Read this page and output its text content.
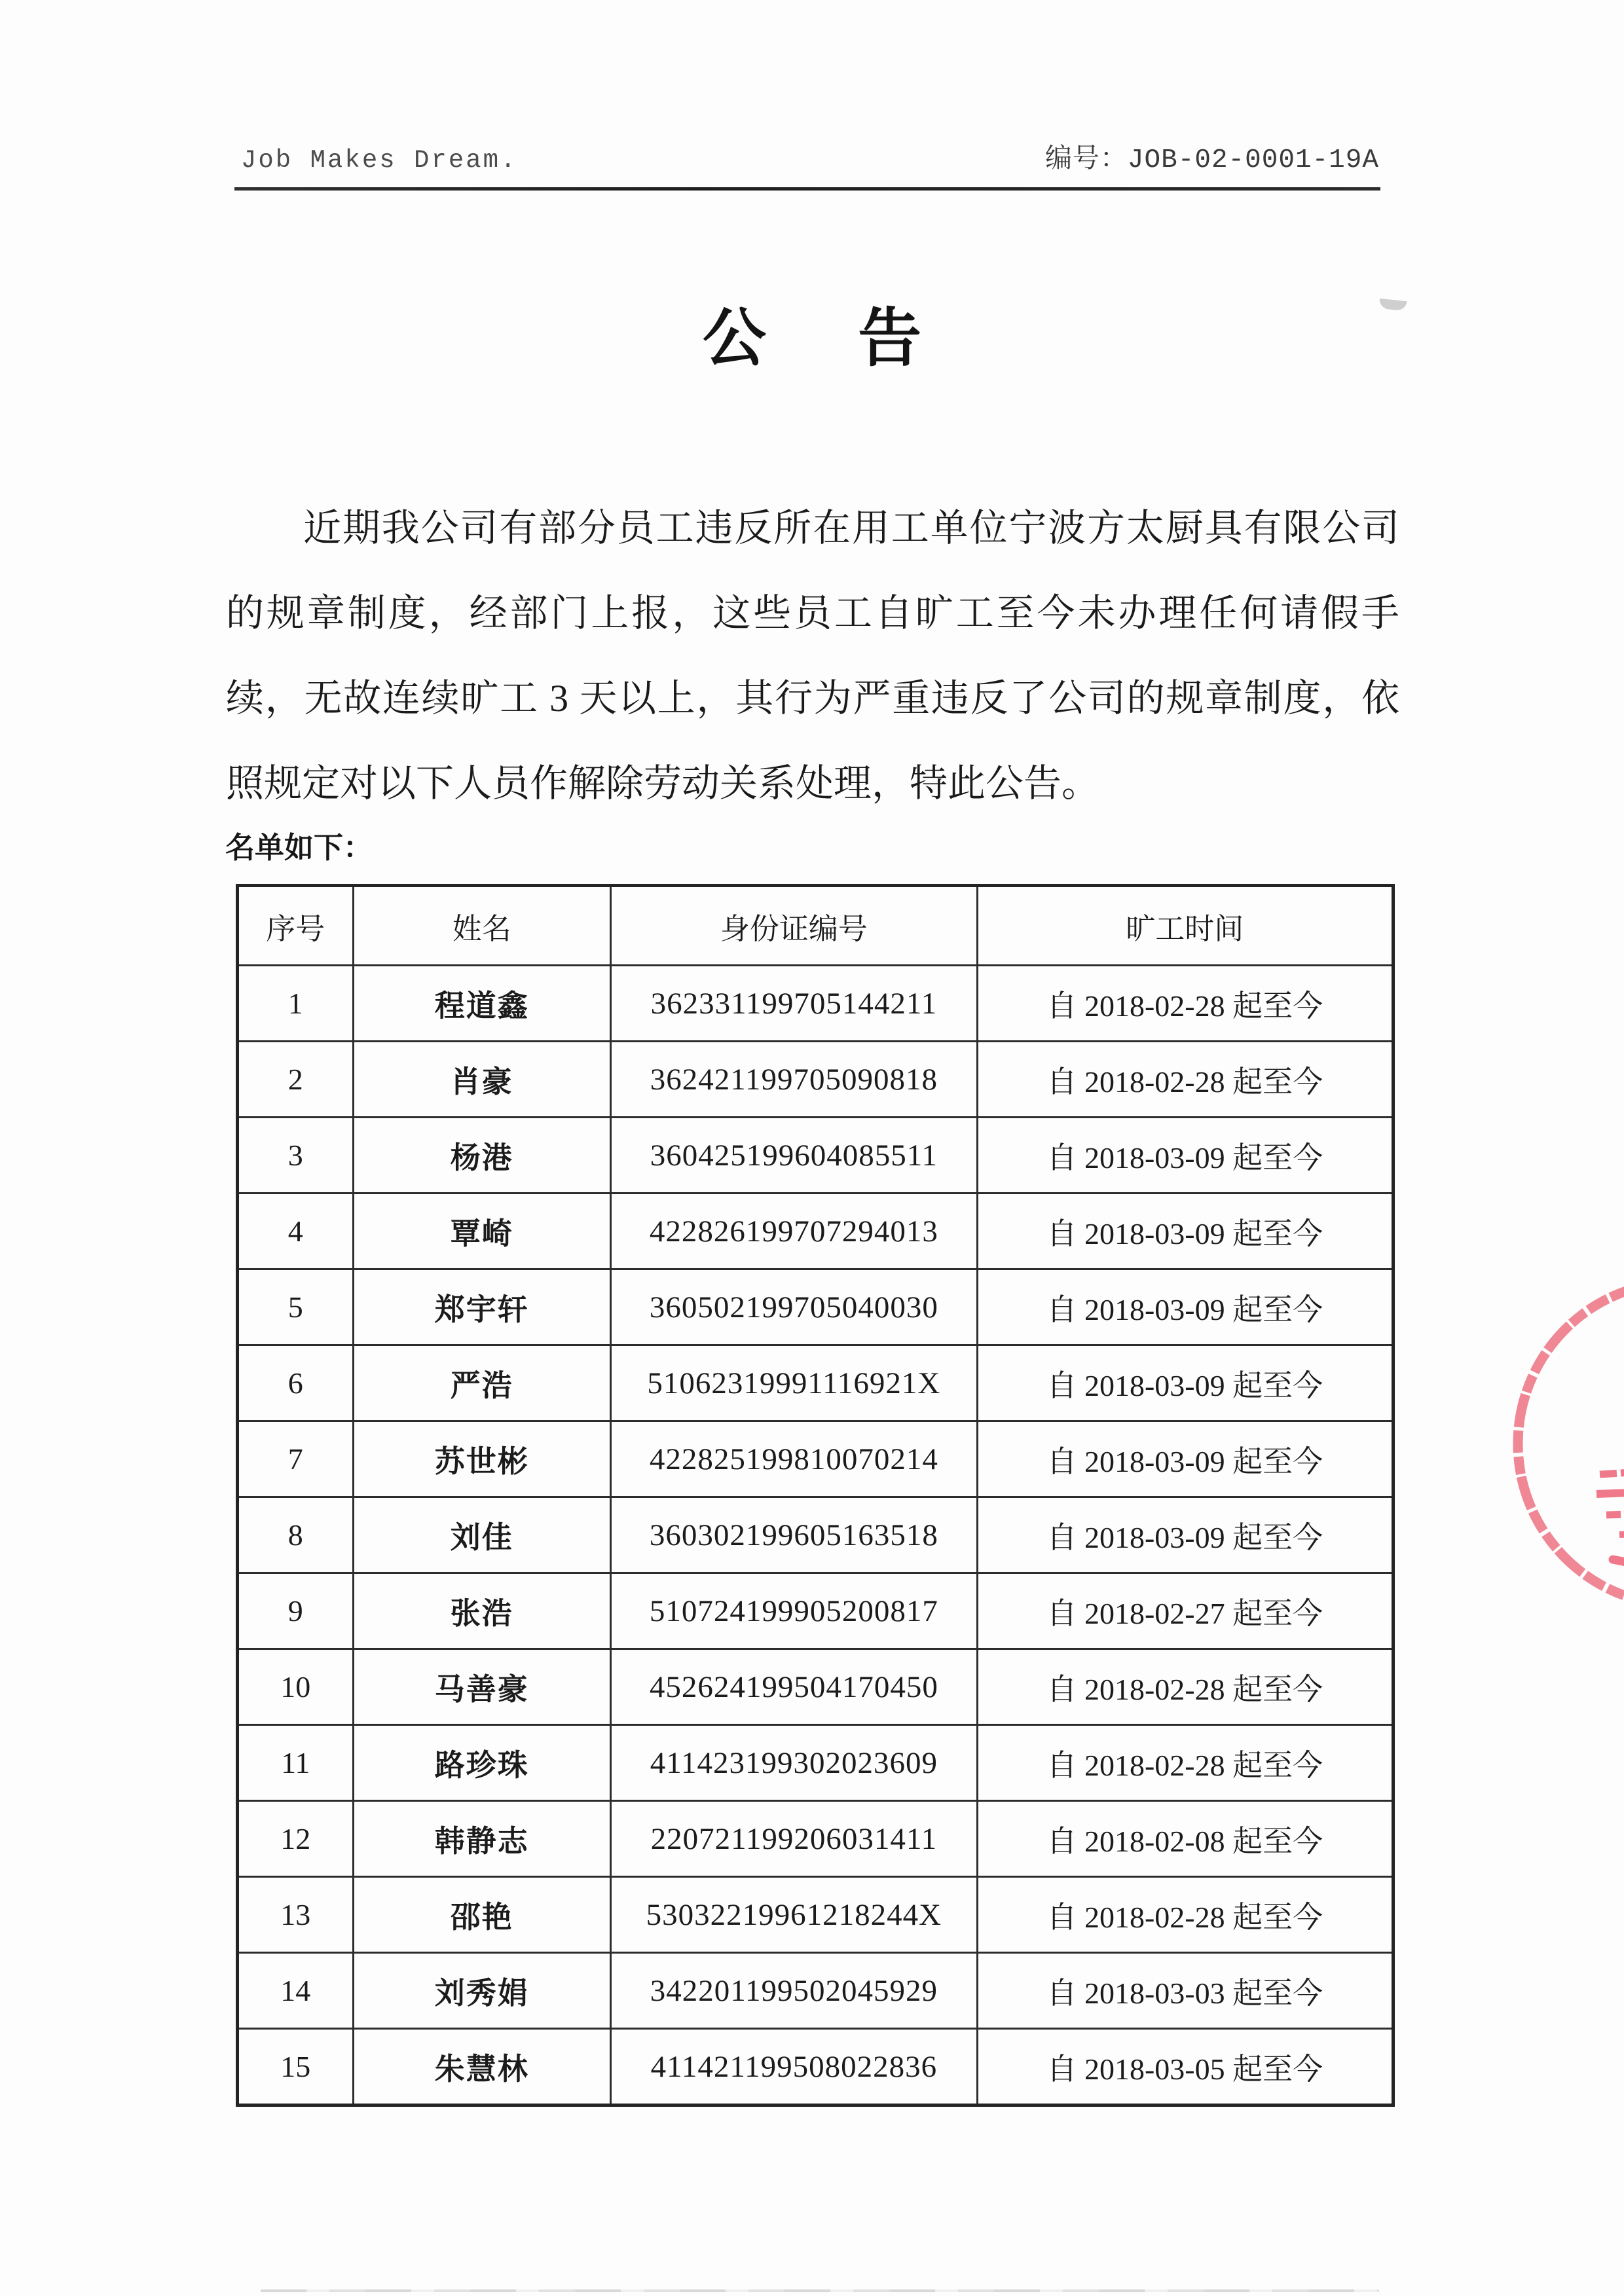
Job Makes Dream.	编号：JOB-02-0001-19A
公 告
近期我公司有部分员工违反所在用工单位宁波方太厨具有限公司的规章制度，经部门上报，这些员工自旷工至今未办理任何请假手续，无故连续旷工 3 天以上，其行为严重违反了公司的规章制度，依照规定对以下人员作解除劳动关系处理，特此公告。
名单如下：
序号	姓名	身份证编号	旷工时间
1	程道鑫	362331199705144211	自 2018-02-28 起至今
2	肖豪	362421199705090818	自 2018-02-28 起至今
3	杨港	360425199604085511	自 2018-03-09 起至今
4	覃崎	422826199707294013	自 2018-03-09 起至今
5	郑宇轩	360502199705040030	自 2018-03-09 起至今
6	严浩	51062319991116921X	自 2018-03-09 起至今
7	苏世彬	422825199810070214	自 2018-03-09 起至今
8	刘佳	360302199605163518	自 2018-03-09 起至今
9	张浩	510724199905200817	自 2018-02-27 起至今
10	马善豪	452624199504170450	自 2018-02-28 起至今
11	路珍珠	411423199302023609	自 2018-02-28 起至今
12	韩静志	220721199206031411	自 2018-02-08 起至今
13	邵艳	53032219961218244X	自 2018-02-28 起至今
14	刘秀娟	342201199502045929	自 2018-03-03 起至今
15	朱慧林	411421199508022836	自 2018-03-05 起至今
